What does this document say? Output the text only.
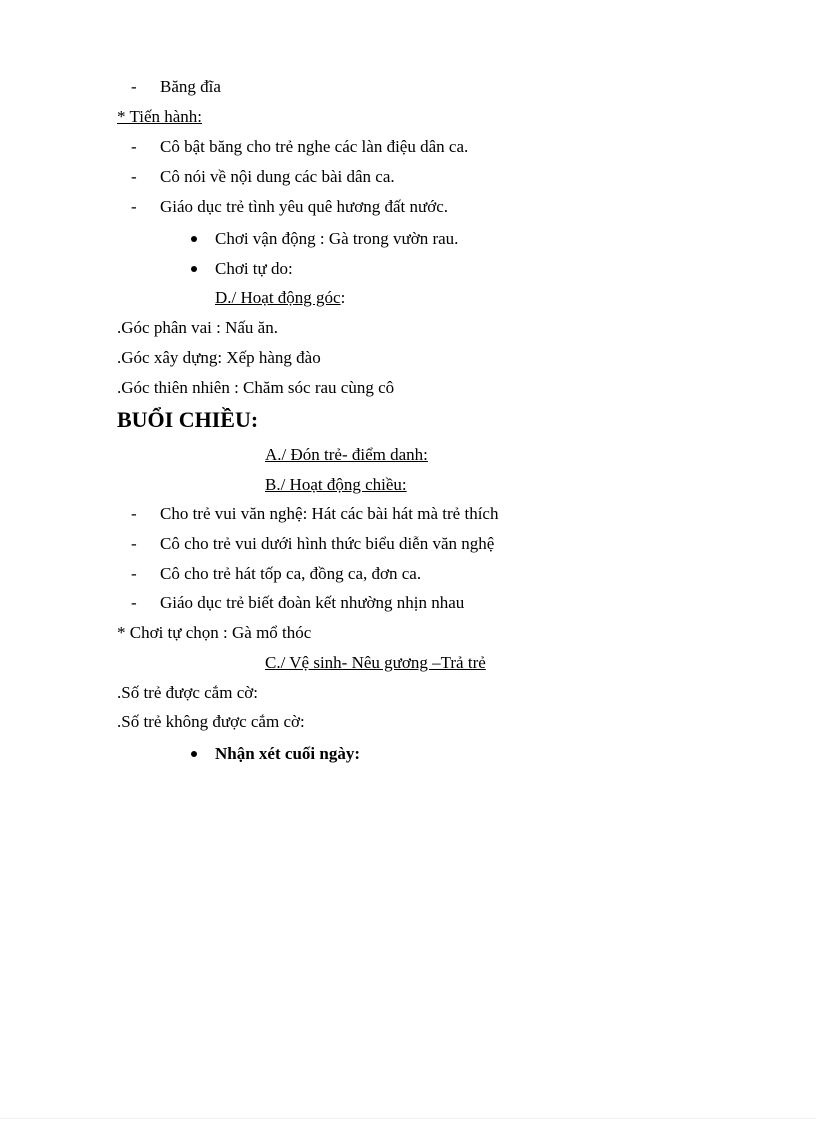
- Băng đĩa
* Tiến hành:
- Cô bật băng cho trẻ nghe các làn điệu dân ca.
- Cô nói về nội dung các bài dân ca.
- Giáo dục trẻ tình yêu quê hương đất nước.
Chơi vận động : Gà trong vườn rau.
Chơi tự do:
D./ Hoạt động góc:
.Góc phân vai : Nấu ăn.
.Góc xây dựng: Xếp hàng đào
.Góc thiên nhiên : Chăm sóc rau cùng cô
BUỔI CHIỀU:
A./ Đón trẻ- điểm danh:
B./ Hoạt động chiều:
- Cho trẻ vui văn nghệ: Hát các bài hát mà trẻ thích
- Cô cho trẻ vui dưới hình thức biểu diễn văn nghệ
- Cô cho trẻ hát tốp ca, đồng ca, đơn ca.
- Giáo dục trẻ biết đoàn kết nhường nhịn nhau
* Chơi tự chọn : Gà mổ thóc
C./ Vệ sinh- Nêu gương –Trả trẻ
.Số trẻ được cắm cờ:
.Số trẻ không được cắm cờ:
Nhận xét cuối ngày:
